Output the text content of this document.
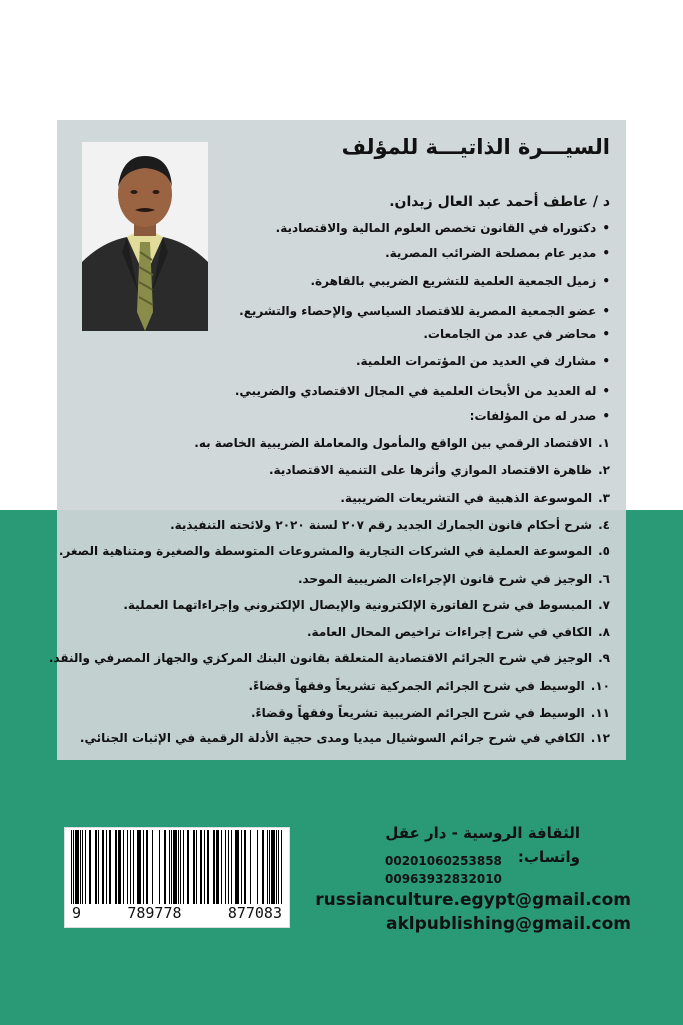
السيـــرة الذاتيـــة للمؤلف
د / عاطف أحمد عبد العال زيدان.
•دكتوراه في القانون تخصص العلوم المالية والاقتصادية.
•مدير عام بمصلحة الضرائب المصرية.
•زميل الجمعية العلمية للتشريع الضريبي بالقاهرة.
•عضو الجمعية المصرية للاقتصاد السياسي والإحصاء والتشريع.
•محاضر في عدد من الجامعات.
•مشارك في العديد من المؤتمرات العلمية.
•له العديد من الأبحاث العلمية في المجال الاقتصادي والضريبي.
•صدر له من المؤلفات:
١.الاقتصاد الرقمي بين الواقع والمأمول والمعاملة الضريبية الخاصة به.
٢.ظاهرة الاقتصاد الموازي وأثرها على التنمية الاقتصادية.
٣.الموسوعة الذهبية في التشريعات الضريبية.
٤.شرح أحكام قانون الجمارك الجديد رقم ٢٠٧ لسنة ٢٠٢٠ ولائحته التنفيذية.
٥.الموسوعة العملية في الشركات التجارية والمشروعات المتوسطة والصغيرة ومتناهية الصغر.
٦.الوجيز في شرح قانون الإجراءات الضريبية الموحد.
٧.المبسوط في شرح الفاتورة الإلكترونية والإيصال الإلكتروني وإجراءاتهما العملية.
٨.الكافي في شرح إجراءات تراخيص المحال العامة.
٩.الوجيز في شرح الجرائم الاقتصادية المتعلقة بقانون البنك المركزي والجهاز المصرفي والنقد.
١٠.الوسيط في شرح الجرائم الجمركية تشريعاً وفقهاً وقضاءً.
١١.الوسيط في شرح الجرائم الضريبية تشريعاً وفقهاً وقضاءً.
١٢.الكافي في شرح جرائم السوشيال ميديا ومدى حجية الأدلة الرقمية في الإثبات الجنائي.
9	789778	877083
الثقافة الروسية - دار عقل
واتساب:
00201060253858
00963932832010
russianculture.egypt@gmail.com
aklpublishing@gmail.com
